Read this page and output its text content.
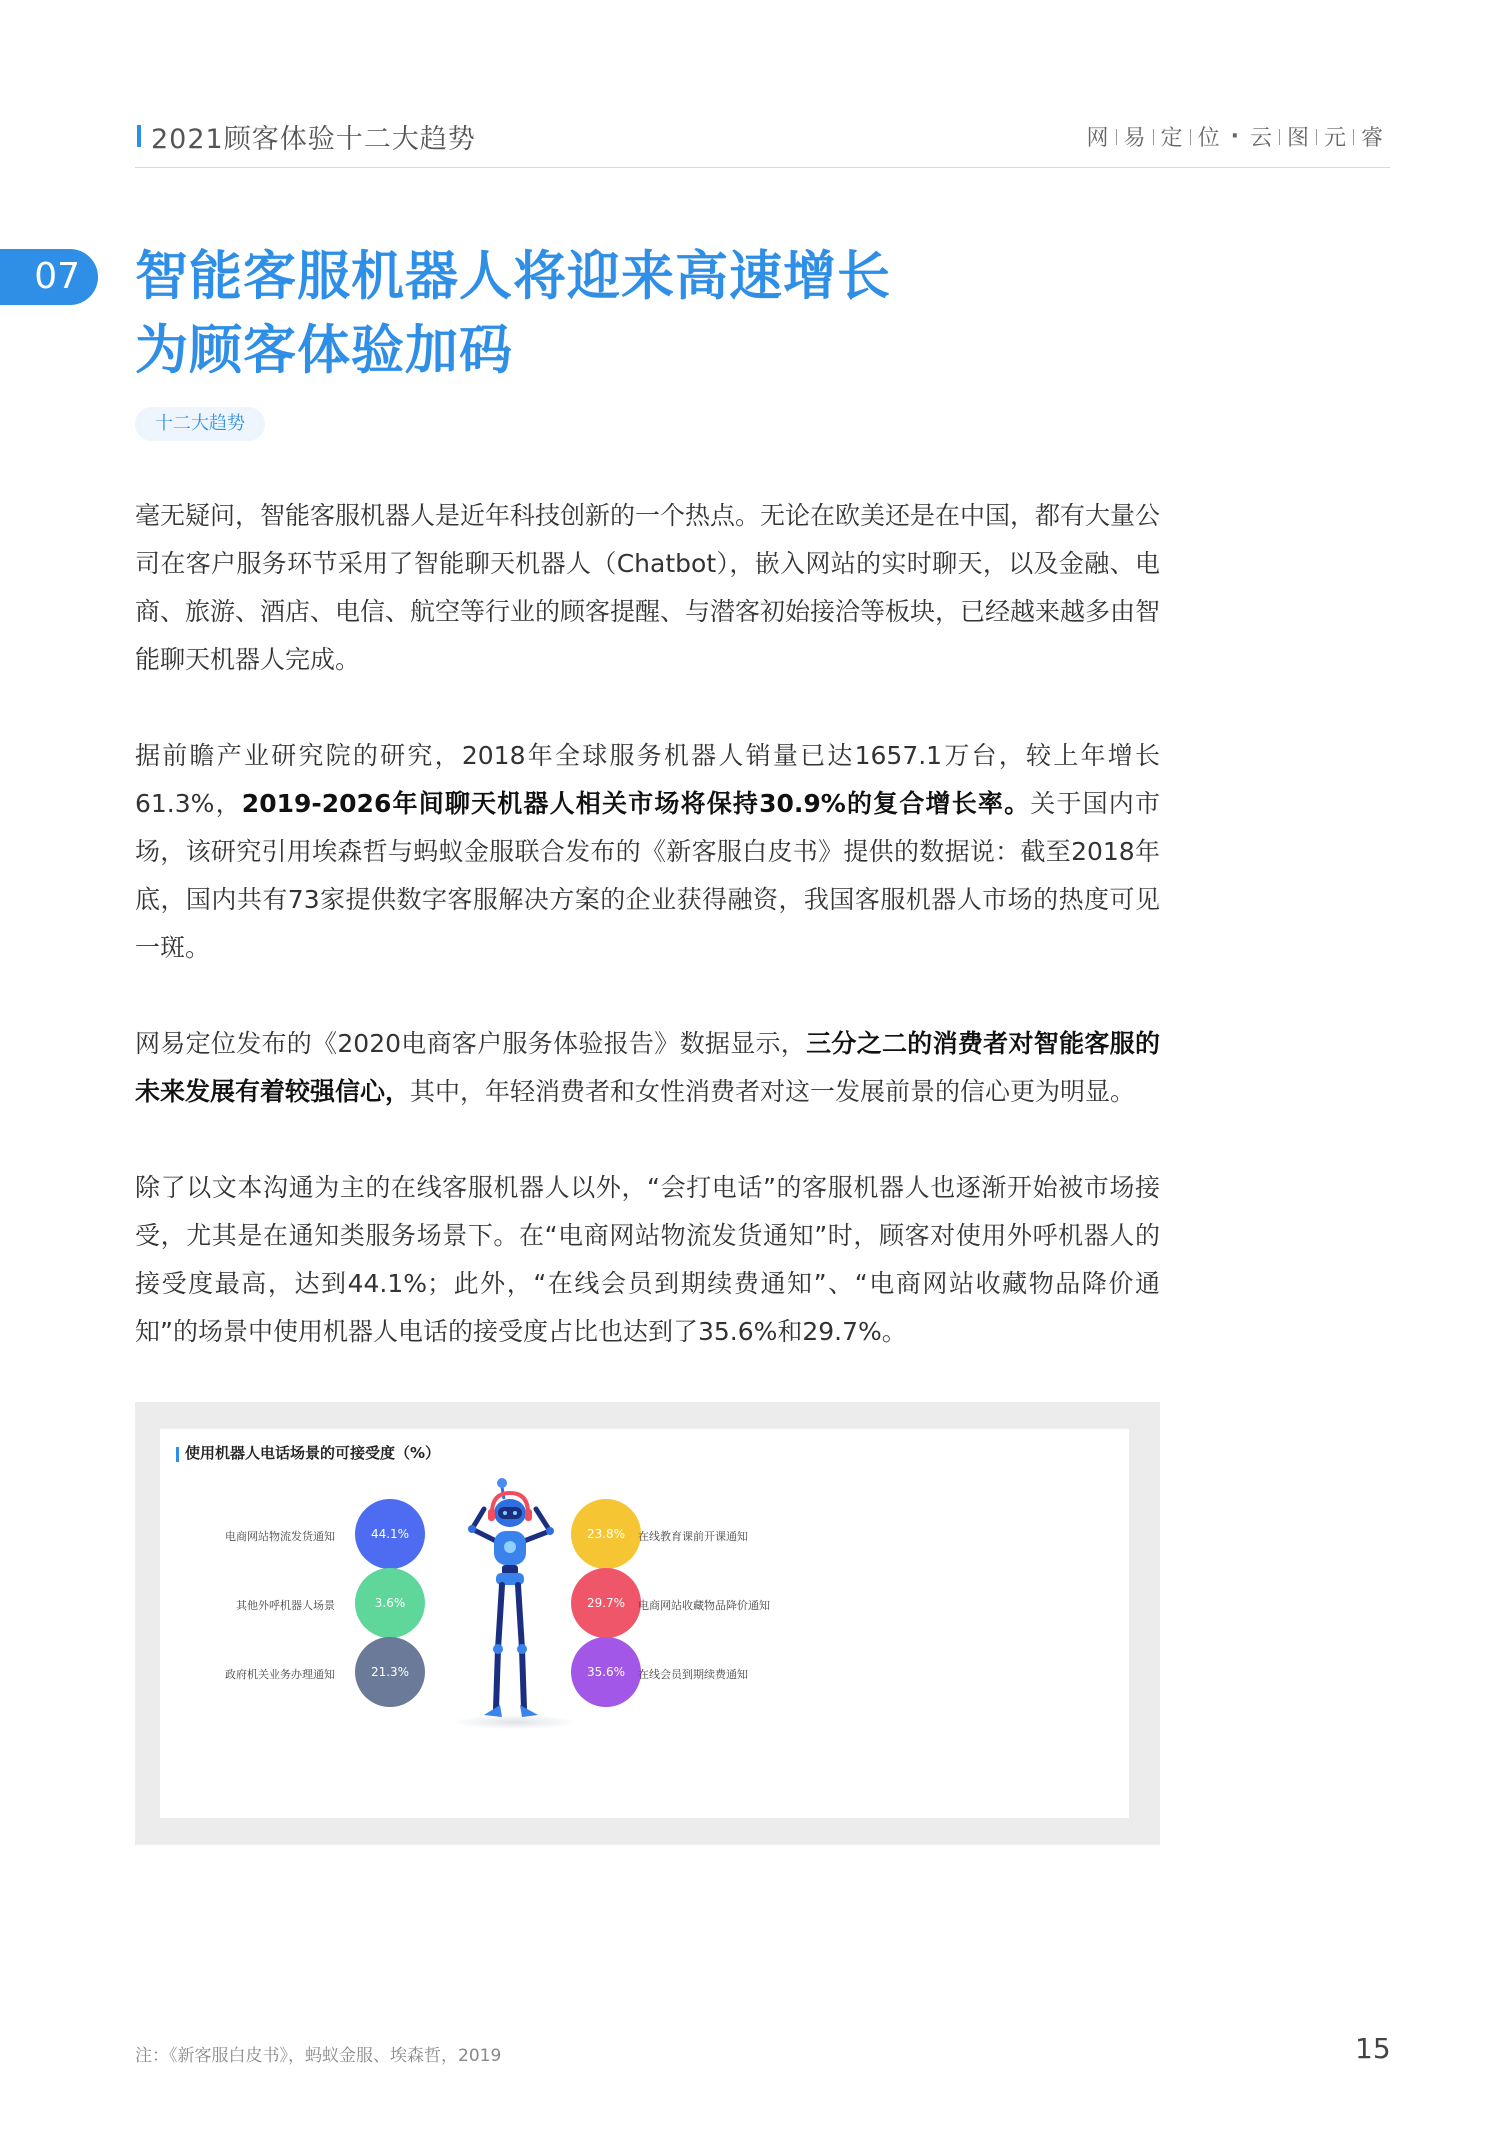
2021顾客体验十二大趋势	网 易 定 位 · 云 图 元 睿
07	智能客服机器人将迎来高速增长
为顾客体验加码
十二大趋势

毫无疑问，智能客服机器人是近年科技创新的一个热点。无论在欧美还是在中国，都有大量公司在客户服务环节采用了智能聊天机器人（Chatbot），嵌入网站的实时聊天，以及金融、电商、旅游、酒店、电信、航空等行业的顾客提醒、与潜客初始接洽等板块，已经越来越多由智能聊天机器人完成。

据前瞻产业研究院的研究，2018年全球服务机器人销量已达1657.1万台，较上年增长61.3%，2019-2026年间聊天机器人相关市场将保持30.9%的复合增长率。关于国内市场，该研究引用埃森哲与蚂蚁金服联合发布的《新客服白皮书》提供的数据说：截至2018年底，国内共有73家提供数字客服解决方案的企业获得融资，我国客服机器人市场的热度可见一斑。

网易定位发布的《2020电商客户服务体验报告》数据显示，三分之二的消费者对智能客服的未来发展有着较强信心，其中，年轻消费者和女性消费者对这一发展前景的信心更为明显。

除了以文本沟通为主的在线客服机器人以外，“会打电话”的客服机器人也逐渐开始被市场接受，尤其是在通知类服务场景下。在“电商网站物流发货通知”时，顾客对使用外呼机器人的接受度最高，达到44.1%；此外，“在线会员到期续费通知”、“电商网站收藏物品降价通知”的场景中使用机器人电话的接受度占比也达到了35.6%和29.7%。

使用机器人电话场景的可接受度（%）
电商网站物流发货通知	44.1%
其他外呼机器人场景	3.6%
政府机关业务办理通知	21.3%
23.8%	在线教育课前开课通知
29.7%	电商网站收藏物品降价通知
35.6%	在线会员到期续费通知
注：《新客服白皮书》，蚂蚁金服、埃森哲，2019	15
